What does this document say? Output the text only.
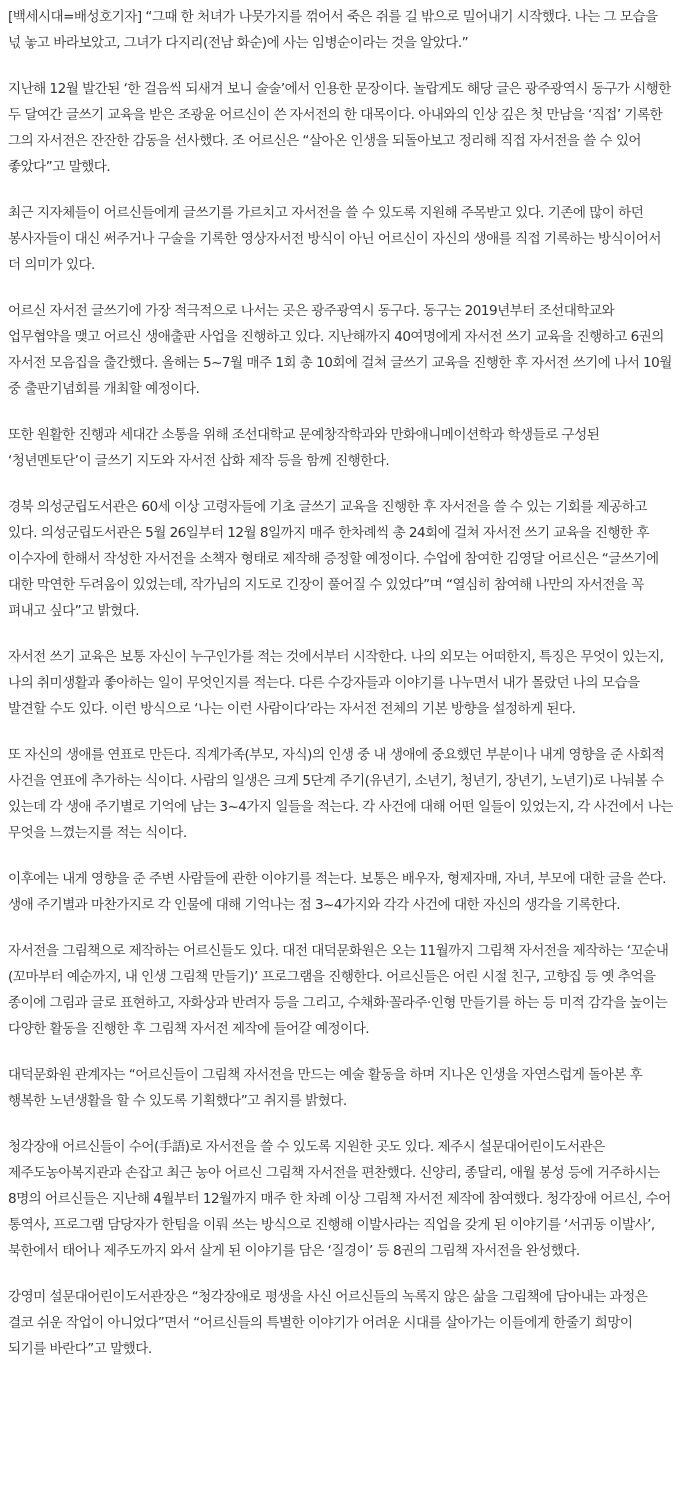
[백세시대=배성호기자] “그때 한 처녀가 나뭇가지를 꺾어서 죽은 쥐를 길 밖으로 밀어내기 시작했다. 나는 그 모습을 넋 놓고 바라보았고, 그녀가 다지리(전남 화순)에 사는 임병순이라는 것을 알았다.”

지난해 12월 발간된 ‘한 걸음씩 되새겨 보니 술술’에서 인용한 문장이다. 놀랍게도 해당 글은 광주광역시 동구가 시행한 두 달여간 글쓰기 교육을 받은 조광윤 어르신이 쓴 자서전의 한 대목이다. 아내와의 인상 깊은 첫 만남을 ‘직접’ 기록한 그의 자서전은 잔잔한 감동을 선사했다. 조 어르신은 “살아온 인생을 되돌아보고 정리해 직접 자서전을 쓸 수 있어 좋았다”고 말했다.

최근 지자체들이 어르신들에게 글쓰기를 가르치고 자서전을 쓸 수 있도록 지원해 주목받고 있다. 기존에 많이 하던 봉사자들이 대신 써주거나 구술을 기록한 영상자서전 방식이 아닌 어르신이 자신의 생애를 직접 기록하는 방식이어서 더 의미가 있다.

어르신 자서전 글쓰기에 가장 적극적으로 나서는 곳은 광주광역시 동구다. 동구는 2019년부터 조선대학교와 업무협약을 맺고 어르신 생애출판 사업을 진행하고 있다. 지난해까지 40여명에게 자서전 쓰기 교육을 진행하고 6권의 자서전 모음집을 출간했다. 올해는 5~7월 매주 1회 총 10회에 걸쳐 글쓰기 교육을 진행한 후 자서전 쓰기에 나서 10월 중 출판기념회를 개최할 예정이다.

또한 원활한 진행과 세대간 소통을 위해 조선대학교 문예창작학과와 만화애니메이션학과 학생들로 구성된 ‘청년멘토단’이 글쓰기 지도와 자서전 삽화 제작 등을 함께 진행한다.

경북 의성군립도서관은 60세 이상 고령자들에 기초 글쓰기 교육을 진행한 후 자서전을 쓸 수 있는 기회를 제공하고 있다. 의성군립도서관은 5월 26일부터 12월 8일까지 매주 한차례씩 총 24회에 걸쳐 자서전 쓰기 교육을 진행한 후 이수자에 한해서 작성한 자서전을 소책자 형태로 제작해 증정할 예정이다. 수업에 참여한 김영달 어르신은 “글쓰기에 대한 막연한 두려움이 있었는데, 작가님의 지도로 긴장이 풀어질 수 있었다”며 “열심히 참여해 나만의 자서전을 꼭 펴내고 싶다”고 밝혔다.

자서전 쓰기 교육은 보통 자신이 누구인가를 적는 것에서부터 시작한다. 나의 외모는 어떠한지, 특징은 무엇이 있는지, 나의 취미생활과 좋아하는 일이 무엇인지를 적는다. 다른 수강자들과 이야기를 나누면서 내가 몰랐던 나의 모습을 발견할 수도 있다. 이런 방식으로 ‘나는 이런 사람이다’라는 자서전 전체의 기본 방향을 설정하게 된다.

또 자신의 생애를 연표로 만든다. 직계가족(부모, 자식)의 인생 중 내 생애에 중요했던 부분이나 내게 영향을 준 사회적 사건을 연표에 추가하는 식이다. 사람의 일생은 크게 5단계 주기(유년기, 소년기, 청년기, 장년기, 노년기)로 나눠볼 수 있는데 각 생애 주기별로 기억에 남는 3~4가지 일들을 적는다. 각 사건에 대해 어떤 일들이 있었는지, 각 사건에서 나는 무엇을 느꼈는지를 적는 식이다.

이후에는 내게 영향을 준 주변 사람들에 관한 이야기를 적는다. 보통은 배우자, 형제자매, 자녀, 부모에 대한 글을 쓴다. 생애 주기별과 마찬가지로 각 인물에 대해 기억나는 점 3~4가지와 각각 사건에 대한 자신의 생각을 기록한다.

자서전을 그림책으로 제작하는 어르신들도 있다. 대전 대덕문화원은 오는 11월까지 그림책 자서전을 제작하는 ‘꼬순내(꼬마부터 예순까지, 내 인생 그림책 만들기)’ 프로그램을 진행한다. 어르신들은 어린 시절 친구, 고향집 등 옛 추억을 종이에 그림과 글로 표현하고, 자화상과 반려자 등을 그리고, 수채화·꼴라주·인형 만들기를 하는 등 미적 감각을 높이는 다양한 활동을 진행한 후 그림책 자서전 제작에 들어갈 예정이다.

대덕문화원 관계자는 “어르신들이 그림책 자서전을 만드는 예술 활동을 하며 지나온 인생을 자연스럽게 돌아본 후 행복한 노년생활을 할 수 있도록 기획했다”고 취지를 밝혔다.

청각장애 어르신들이 수어(手語)로 자서전을 쓸 수 있도록 지원한 곳도 있다. 제주시 설문대어린이도서관은 제주도농아복지관과 손잡고 최근 농아 어르신 그림책 자서전을 편찬했다. 신양리, 종달리, 애월 봉성 등에 거주하시는 8명의 어르신들은 지난해 4월부터 12월까지 매주 한 차례 이상 그림책 자서전 제작에 참여했다. 청각장애 어르신, 수어 통역사, 프로그램 담당자가 한팀을 이뤄 쓰는 방식으로 진행해 이발사라는 직업을 갖게 된 이야기를 ‘서귀동 이발사’, 북한에서 태어나 제주도까지 와서 살게 된 이야기를 담은 ‘질경이’ 등 8권의 그림책 자서전을 완성했다.

강영미 설문대어린이도서관장은 “청각장애로 평생을 사신 어르신들의 녹록지 않은 삶을 그림책에 담아내는 과정은 결코 쉬운 작업이 아니었다”면서 “어르신들의 특별한 이야기가 어려운 시대를 살아가는 이들에게 한줄기 희망이 되기를 바란다”고 말했다.
